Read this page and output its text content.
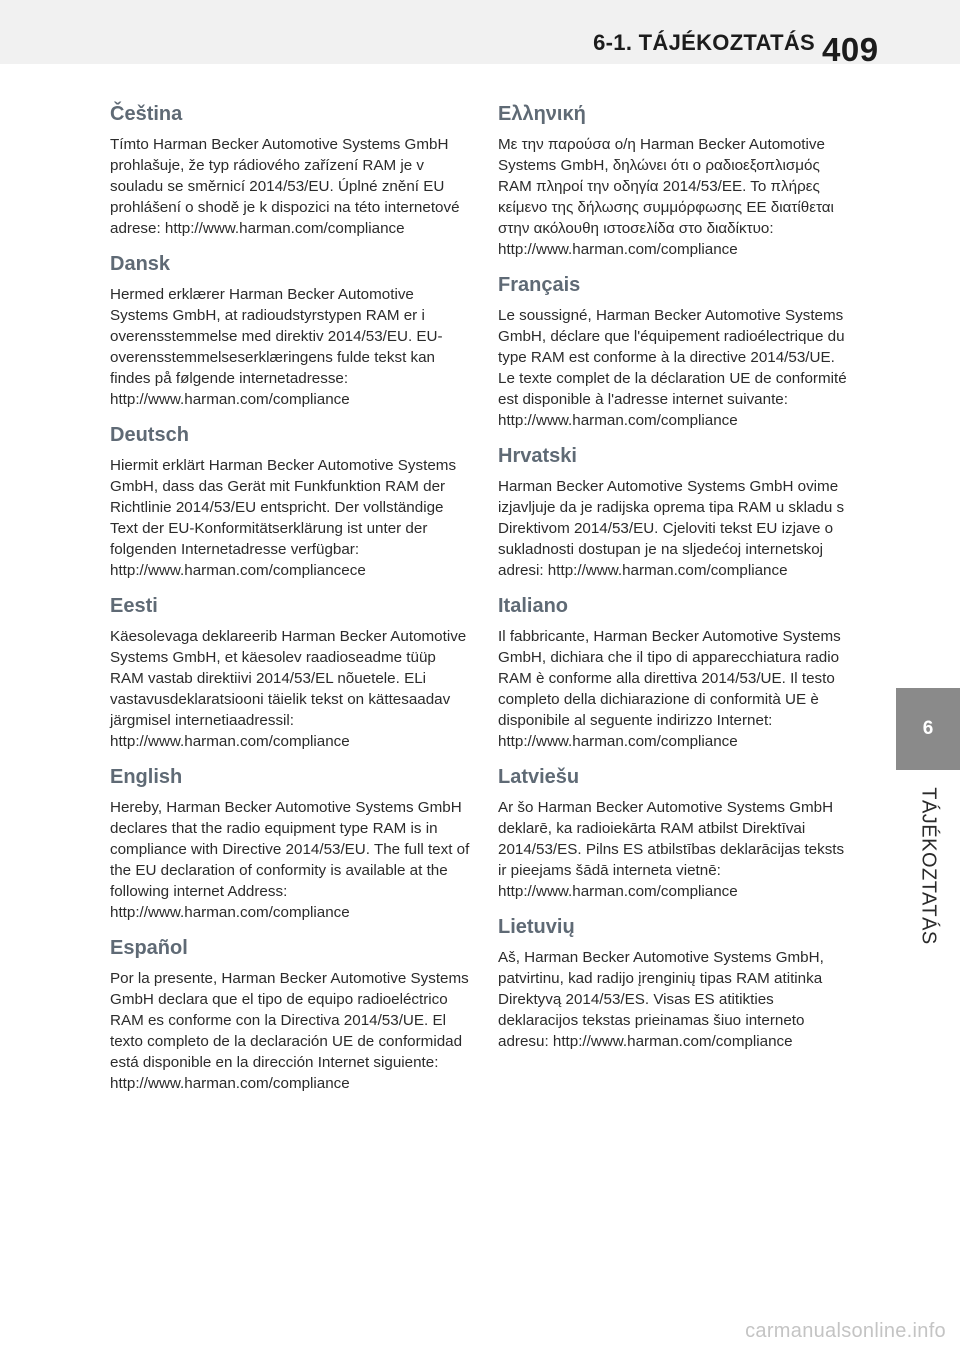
6-1. TÁJÉKOZTATÁS 409
Čeština

Tímto Harman Becker Automotive Systems GmbH prohlašuje, že typ rádiového zařízení RAM je v souladu se směrnicí 2014/53/EU. Úplné znění EU prohlášení o shodě je k dispozici na této internetové adrese: http://www.harman.com/compliance

Dansk

Hermed erklærer Harman Becker Automotive Systems GmbH, at radioudstyrstypen RAM er i overensstemmelse med direktiv 2014/53/EU. EU-overensstemmelseserklæringens fulde tekst kan findes på følgende internetadresse: http://www.harman.com/compliance

Deutsch

Hiermit erklärt Harman Becker Automotive Systems GmbH, dass das Gerät mit Funkfunktion RAM der Richtlinie 2014/53/EU entspricht. Der vollständige Text der EU-Konformitätserklärung ist unter der folgenden Internetadresse verfügbar: http://www.harman.com/compliancece

Eesti

Käesolevaga deklareerib Harman Becker Automotive Systems GmbH, et käesolev raadioseadme tüüp RAM vastab direktiivi 2014/53/EL nõuetele. ELi vastavusdeklaratsiooni täielik tekst on kättesaadav järgmisel internetiaadressil: http://www.harman.com/compliance

English

Hereby, Harman Becker Automotive Systems GmbH declares that the radio equipment type RAM is in compliance with Directive 2014/53/EU. The full text of the EU declaration of conformity is available at the following internet Address: http://www.harman.com/compliance

Español

Por la presente, Harman Becker Automotive Systems GmbH declara que el tipo de equipo radioeléctrico RAM es conforme con la Directiva 2014/53/UE. El texto completo de la declaración UE de conformidad está disponible en la dirección Internet siguiente: http://www.harman.com/compliance

Ελληνική

Με την παρούσα ο/η Harman Becker Automotive Systems GmbH, δηλώνει ότι ο ραδιοεξοπλισμός RAM πληροί την οδηγία 2014/53/ΕΕ. Το πλήρες κείμενο της δήλωσης συμμόρφωσης ΕΕ διατίθεται στην ακόλουθη ιστοσελίδα στο διαδίκτυο: http://www.harman.com/compliance

Français

Le soussigné, Harman Becker Automotive Systems GmbH, déclare que l'équipement radioélectrique du type RAM est conforme à la directive 2014/53/UE. Le texte complet de la déclaration UE de conformité est disponible à l'adresse internet suivante: http://www.harman.com/compliance

Hrvatski

Harman Becker Automotive Systems GmbH ovime izjavljuje da je radijska oprema tipa RAM u skladu s Direktivom 2014/53/EU. Cjeloviti tekst EU izjave o sukladnosti dostupan je na sljedećoj internetskoj adresi: http://www.harman.com/compliance

Italiano

Il fabbricante, Harman Becker Automotive Systems GmbH, dichiara che il tipo di apparecchiatura radio RAM è conforme alla direttiva 2014/53/UE. Il testo completo della dichiarazione di conformità UE è disponibile al seguente indirizzo Internet: http://www.harman.com/compliance

Latviešu

Ar šo Harman Becker Automotive Systems GmbH deklarē, ka radioiekārta RAM atbilst Direktīvai 2014/53/ES. Pilns ES atbilstības deklarācijas teksts ir pieejams šādā interneta vietnē: http://www.harman.com/compliance

Lietuvių

Aš, Harman Becker Automotive Systems GmbH, patvirtinu, kad radijo įrenginių tipas RAM atitinka Direktyvą 2014/53/ES. Visas ES atitikties deklaracijos tekstas prieinamas šiuo interneto adresu: http://www.harman.com/compliance

6
TÁJÉKOZTATÁS
carmanualsonline.info
